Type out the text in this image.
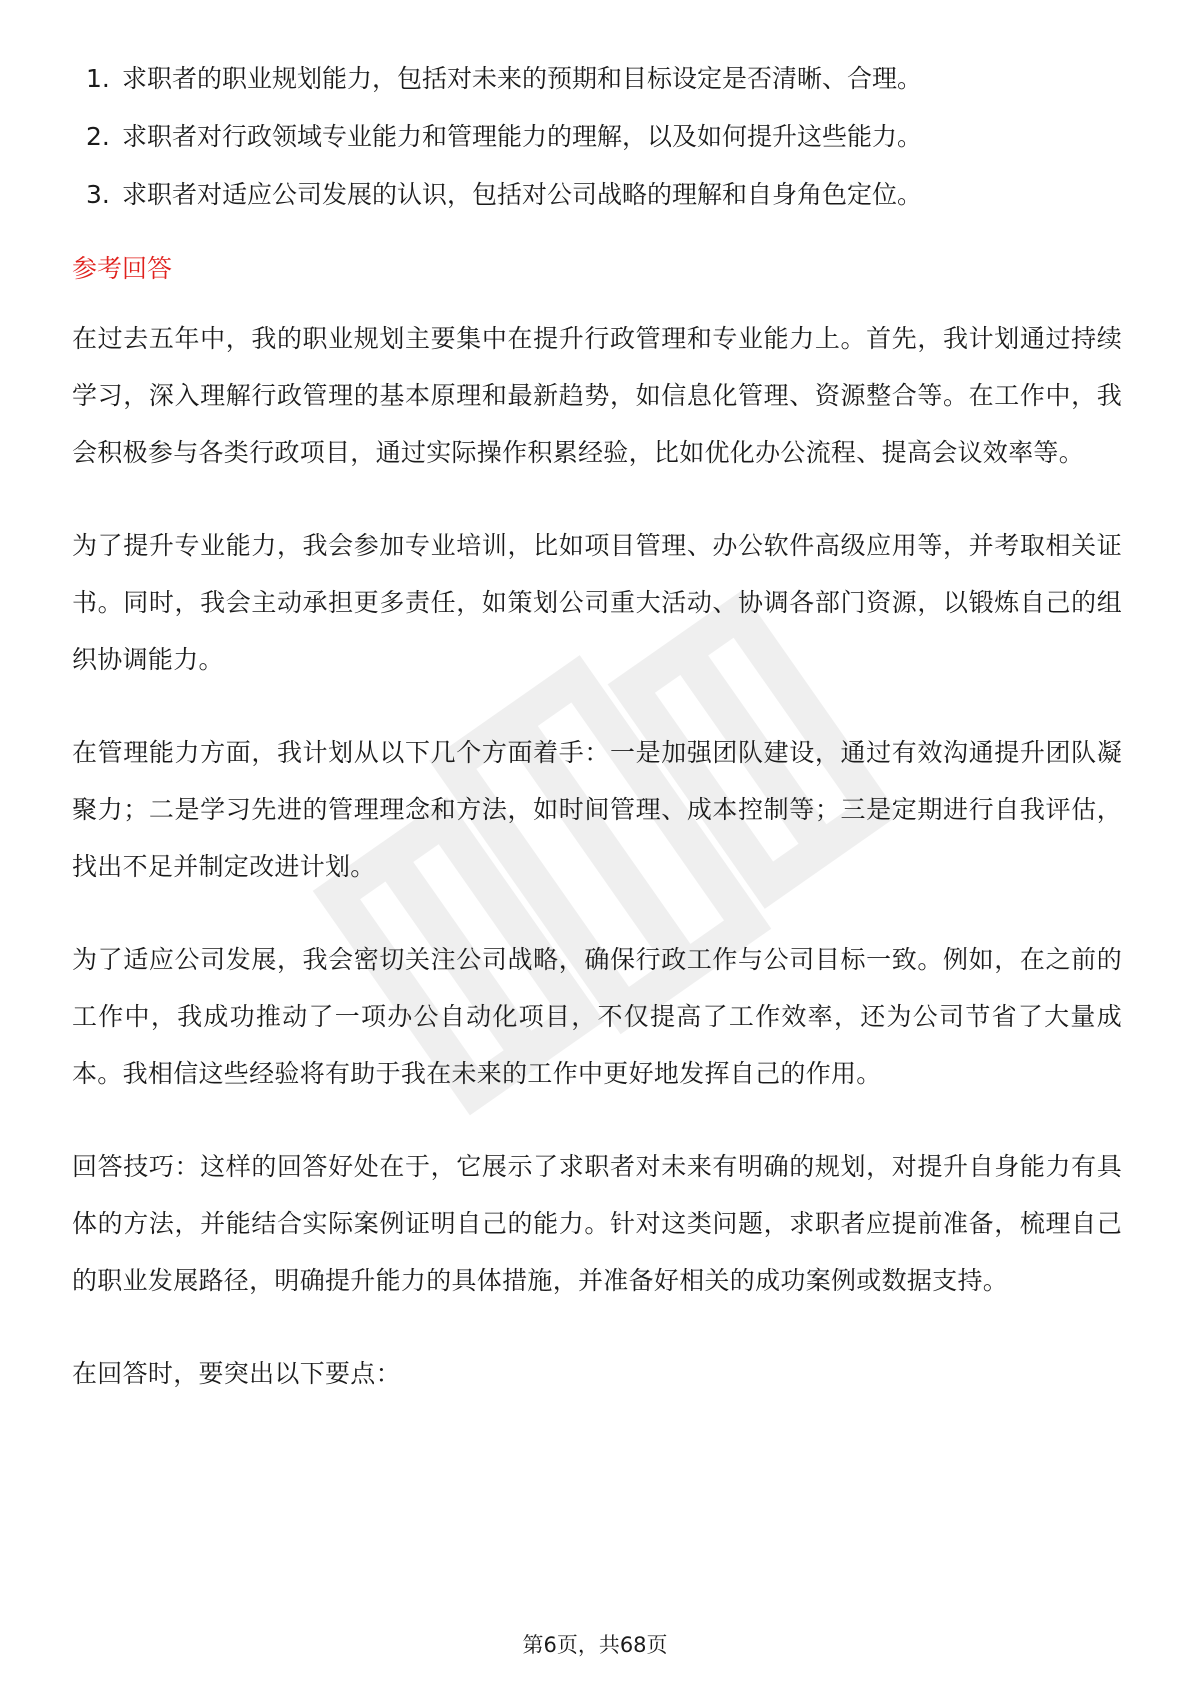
1. 求职者的职业规划能力，包括对未来的预期和目标设定是否清晰、合理。
2. 求职者对行政领域专业能力和管理能力的理解，以及如何提升这些能力。
3. 求职者对适应公司发展的认识，包括对公司战略的理解和自身角色定位。
参考回答

在过去五年中，我的职业规划主要集中在提升行政管理和专业能力上。首先，我计划通过持续学习，深入理解行政管理的基本原理和最新趋势，如信息化管理、资源整合等。在工作中，我会积极参与各类行政项目，通过实际操作积累经验，比如优化办公流程、提高会议效率等。

为了提升专业能力，我会参加专业培训，比如项目管理、办公软件高级应用等，并考取相关证书。同时，我会主动承担更多责任，如策划公司重大活动、协调各部门资源，以锻炼自己的组织协调能力。

在管理能力方面，我计划从以下几个方面着手：一是加强团队建设，通过有效沟通提升团队凝聚力；二是学习先进的管理理念和方法，如时间管理、成本控制等；三是定期进行自我评估，找出不足并制定改进计划。

为了适应公司发展，我会密切关注公司战略，确保行政工作与公司目标一致。例如，在之前的工作中，我成功推动了一项办公自动化项目，不仅提高了工作效率，还为公司节省了大量成本。我相信这些经验将有助于我在未来的工作中更好地发挥自己的作用。

回答技巧：这样的回答好处在于，它展示了求职者对未来有明确的规划，对提升自身能力有具体的方法，并能结合实际案例证明自己的能力。针对这类问题，求职者应提前准备，梳理自己的职业发展路径，明确提升能力的具体措施，并准备好相关的成功案例或数据支持。

在回答时，要突出以下要点：

第6页，共68页
